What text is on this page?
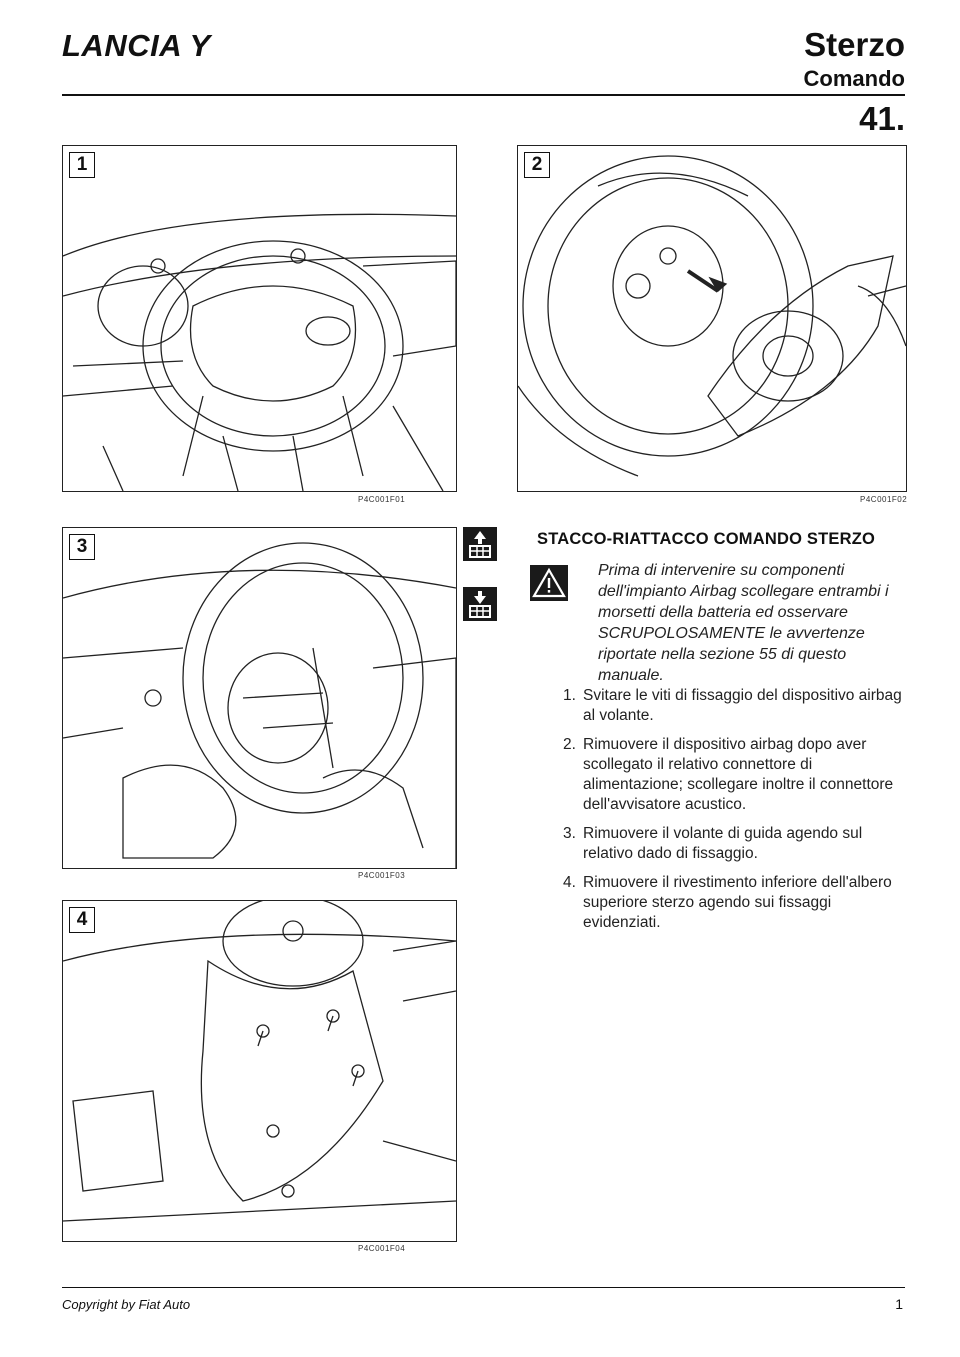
LANCIA Y	Sterzo
Comando
41.
1
P4C001F01
2
P4C001F02
3
P4C001F03
4
P4C001F04
STACCO-RIATTACCO COMANDO STERZO
Prima di intervenire su componenti dell'impianto Airbag scollegare entrambi i morsetti della batteria ed osservare SCRUPOLOSAMENTE le avvertenze riportate nella sezione 55 di questo manuale.
1. Svitare le viti di fissaggio del dispositivo airbag al volante.
2. Rimuovere il dispositivo airbag dopo aver scollegato il relativo connettore di alimentazione; scollegare inoltre il connettore dell'avvisatore acustico.
3. Rimuovere il volante di guida agendo sul relativo dado di fissaggio.
4. Rimuovere il rivestimento inferiore dell'albero superiore sterzo agendo sui fissaggi evidenziati.
Copyright by Fiat Auto	1
